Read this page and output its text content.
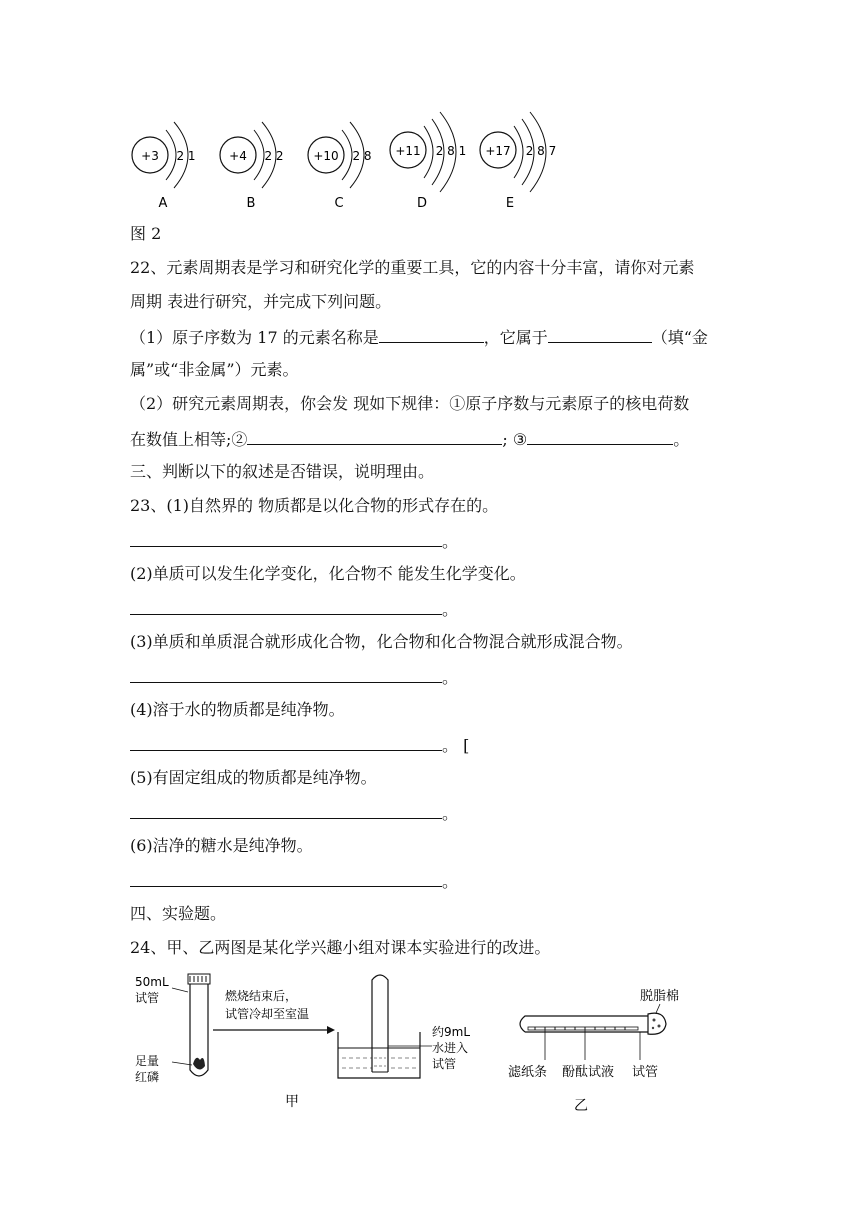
+3 2 1	+4 2 2 +10 2 8 +11 2 8 1 +17 2 8 7
A	B	C	D	E
图 2
22、元素周期表是学习和研究化学的重要工具，它的内容十分丰富，请你对元素
周期 表进行研究，并完成下列问题。
（1）原子序数为 17 的元素名称是	，它属于	（填“金
属”或“非金属”）元素。
（2）研究元素周期表，你会发 现如下规律：①原子序数与元素原子的核电荷数
在数值上相等;②	; ③	。
三、判断以下的叙述是否错误，说明理由。
23、(1)自然界的 物质都是以化合物的形式存在的。
。
(2)单质可以发生化学变化，化合物不 能发生化学变化。
。
(3)单质和单质混合就形成化合物，化合物和化合物混合就形成混合物。
。
(4)溶于水的物质都是纯净物。
。 [
(5)有固定组成的物质都是纯净物。
。
(6)洁净的糖水是纯净物。
。
四、实验题。
24、甲、乙两图是某化学兴趣小组对课本实验进行的改进。
50mL
试管
足量
红磷
燃烧结束后，
试管冷却至室温
约9mL
水进入
试管
甲
脱脂棉
滤纸条 酚酞试液 试管
乙
